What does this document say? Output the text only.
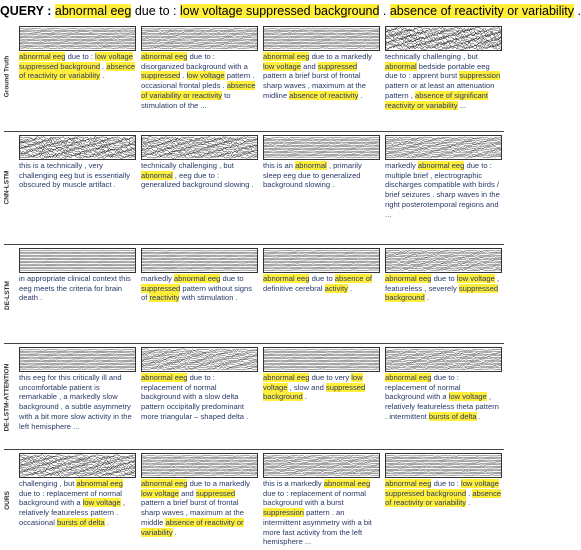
QUERY : abnormal eeg due to : low voltage suppressed background . absence of reactivity or variability .
Ground Truth abnormal eeg due to : low voltage suppressed background . absence of reactivity or variability .
abnormal eeg due to : disorganized background with a suppressed . low voltage pattern . occasional frontal pleds . absence of variability or reactivity to stimulation of the ...
abnormal eeg due to a markedly low voltage and suppressed pattern a brief burst of frontal sharp waves , maximum at the midline absence of reactivity .
technically challenging , but abnormal bedside portable eeg due to : apprent burst suppression pattern or at least an attenuation pattern , absence of significant reactivity or variability ...
CNN-LSTM
this is a technically , very challenging eeg but is essentially obscured by muscle artifact .
technically challenging , but abnormal , eeg due to : generalized background slowing .
this is an abnormal , primarily sleep eeg due to generalized background slowing .
markedly abnormal eeg due to : multiple brief , electrographic discharges compatible with birds / brief seizures . sharp waves in the right posterotemporal regions and ...
DE-LSTM
in appropriate clinical context this eeg meets the criteria for brain death .
markedly abnormal eeg due to suppressed pattern without signs of reactivity with stimulation .
abnormal eeg due to absence of definitive cerebral activity .
abnormal eeg due to low voltage , featureless , severely suppressed background .
DE-LSTM-ATTENTION this eeg for this critically ill and uncomfortable patient is remarkable , a markedly slow background , a subtle asymmetry with a bit more slow activity in the left hemisphere ...
abnormal eeg due to : replacement of normal background with a slow delta pattern occipitally predominant more triangular – shaped delta .
abnormal eeg due to very low voltage , slow and suppressed background .
abnormal eeg due to : replacement of normal background with a low voltage , relatively featureless theta pattern . intermittent bursts of delta .
OURS
challenging , but abnormal eeg due to : replacement of normal background with a low voltage , relatively featureless pattern . occasional bursts of delta .
abnormal eeg due to a markedly low voltage and suppressed pattern a brief burst of frontal sharp waves , maximum at the middle absence of reactivity or variability .
this is a markedly abnormal eeg due to : replacement of normal background with a burst suppression pattern . an intermittent asymmetry with a bit more fast activity from the left hemisphere ...
abnormal eeg due to : low voltage suppressed background . absence of reactivity or variability .
